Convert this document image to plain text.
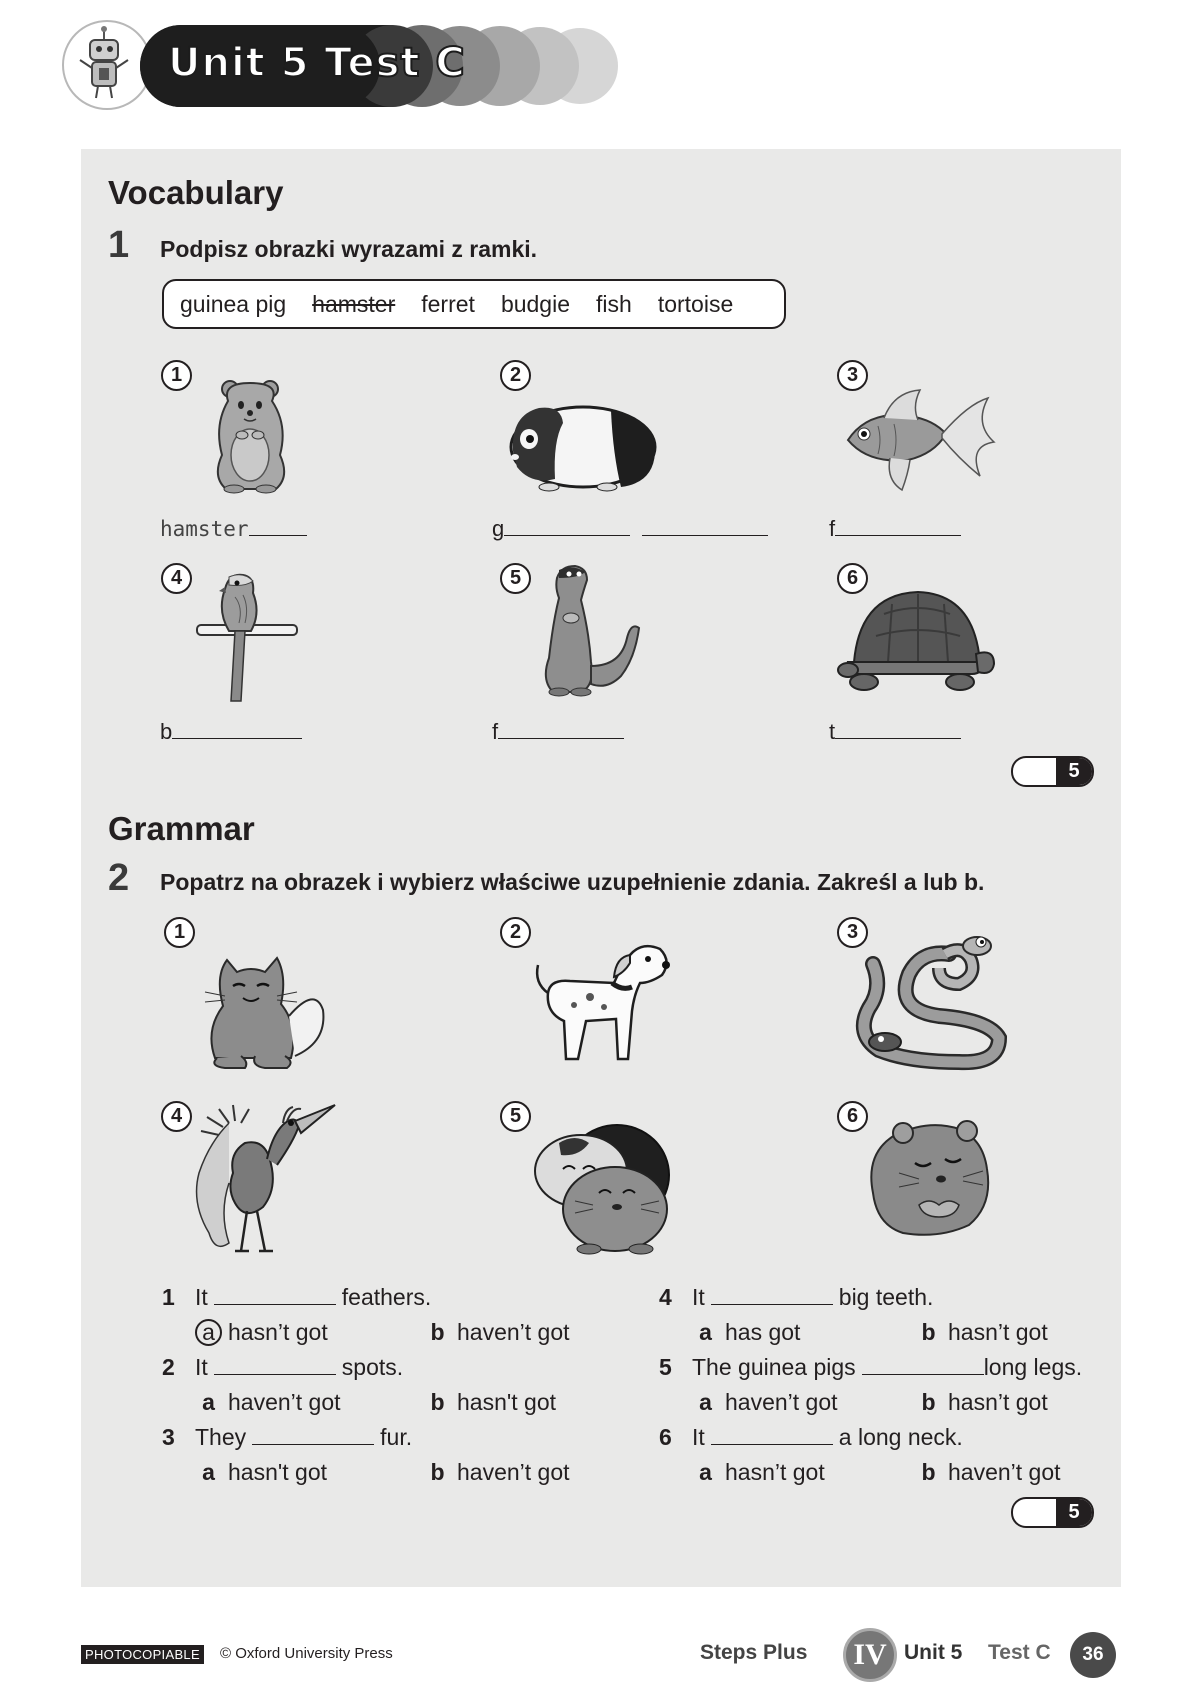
Unit 5 Test C
Vocabulary
1 Podpisz obrazki wyrazami z ramki.
guinea pig hamster ferret budgie fish tortoise
1	2	3
4	5	6
hamster	g	f
b	f	t
5
Grammar
2 Popatrz na obrazek i wybierz właściwe uzupełnienie zdania. Zakreśl a lub b.
1	2	3
4	5	6
1 It	feathers.
a hasn’t got	b haven’t got
2 It	spots.
a haven’t got	b hasn't got
3 They	fur.
a hasn't got	b haven’t got
4 It	big teeth.
a has got	b hasn’t got
5 The guinea pigs	long legs.
a haven’t got	b hasn’t got
6 It	a long neck.
a hasn’t got	b haven’t got
5
PHOTOCOPIABLE © Oxford University Press	Steps Plus	IV Unit 5 Test C	36
